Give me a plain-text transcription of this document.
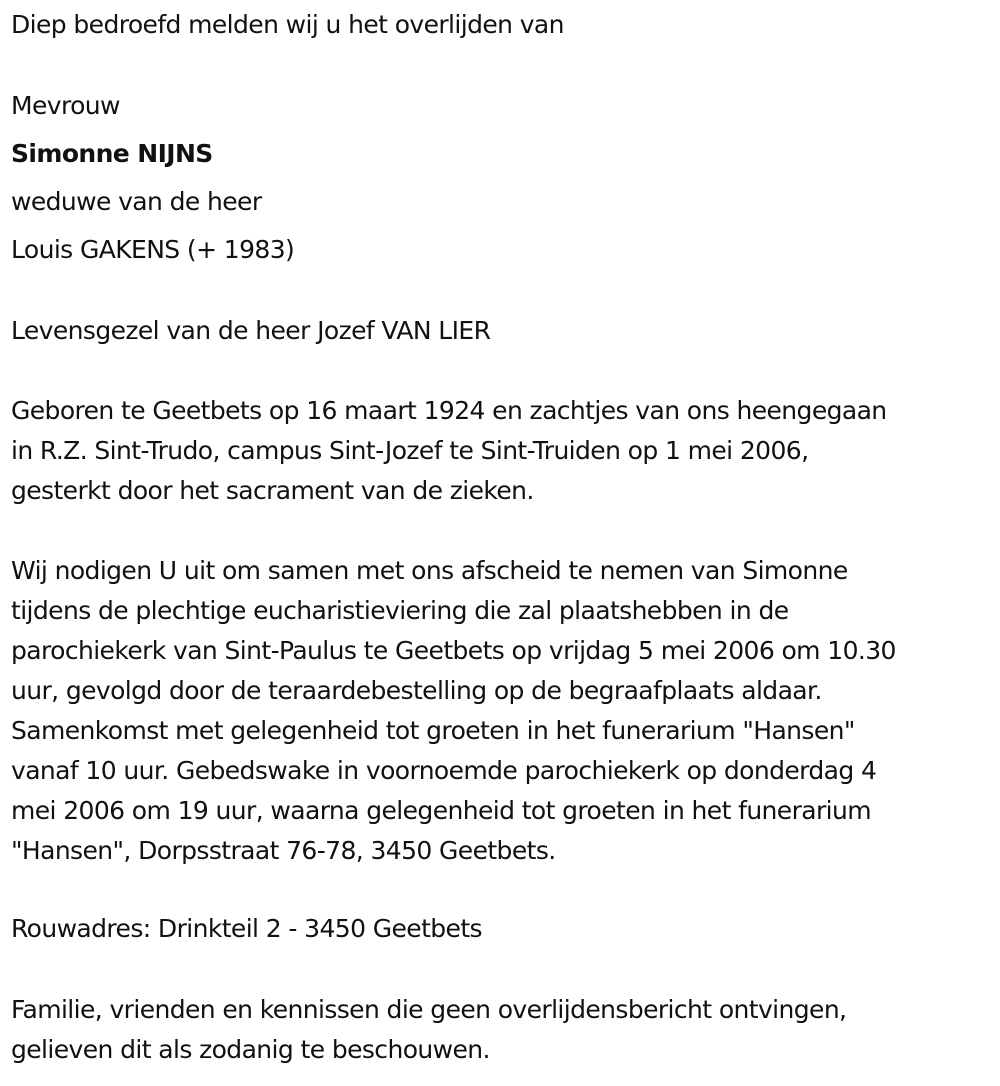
Diep bedroefd melden wij u het overlijden van
Mevrouw
Simonne NIJNS
weduwe van de heer
Louis GAKENS (+ 1983)
Levensgezel van de heer Jozef VAN LIER
Geboren te Geetbets op 16 maart 1924 en zachtjes van ons heengegaan
in R.Z. Sint-Trudo, campus Sint-Jozef te Sint-Truiden op 1 mei 2006,
gesterkt door het sacrament van de zieken.
Wij nodigen U uit om samen met ons afscheid te nemen van Simonne
tijdens de plechtige eucharistieviering die zal plaatshebben in de
parochiekerk van Sint-Paulus te Geetbets op vrijdag 5 mei 2006 om 10.30
uur, gevolgd door de teraardebestelling op de begraafplaats aldaar.
Samenkomst met gelegenheid tot groeten in het funerarium "Hansen"
vanaf 10 uur. Gebedswake in voornoemde parochiekerk op donderdag 4
mei 2006 om 19 uur, waarna gelegenheid tot groeten in het funerarium
"Hansen", Dorpsstraat 76-78, 3450 Geetbets.
Rouwadres: Drinkteil 2 - 3450 Geetbets
Familie, vrienden en kennissen die geen overlijdensbericht ontvingen,
gelieven dit als zodanig te beschouwen.
